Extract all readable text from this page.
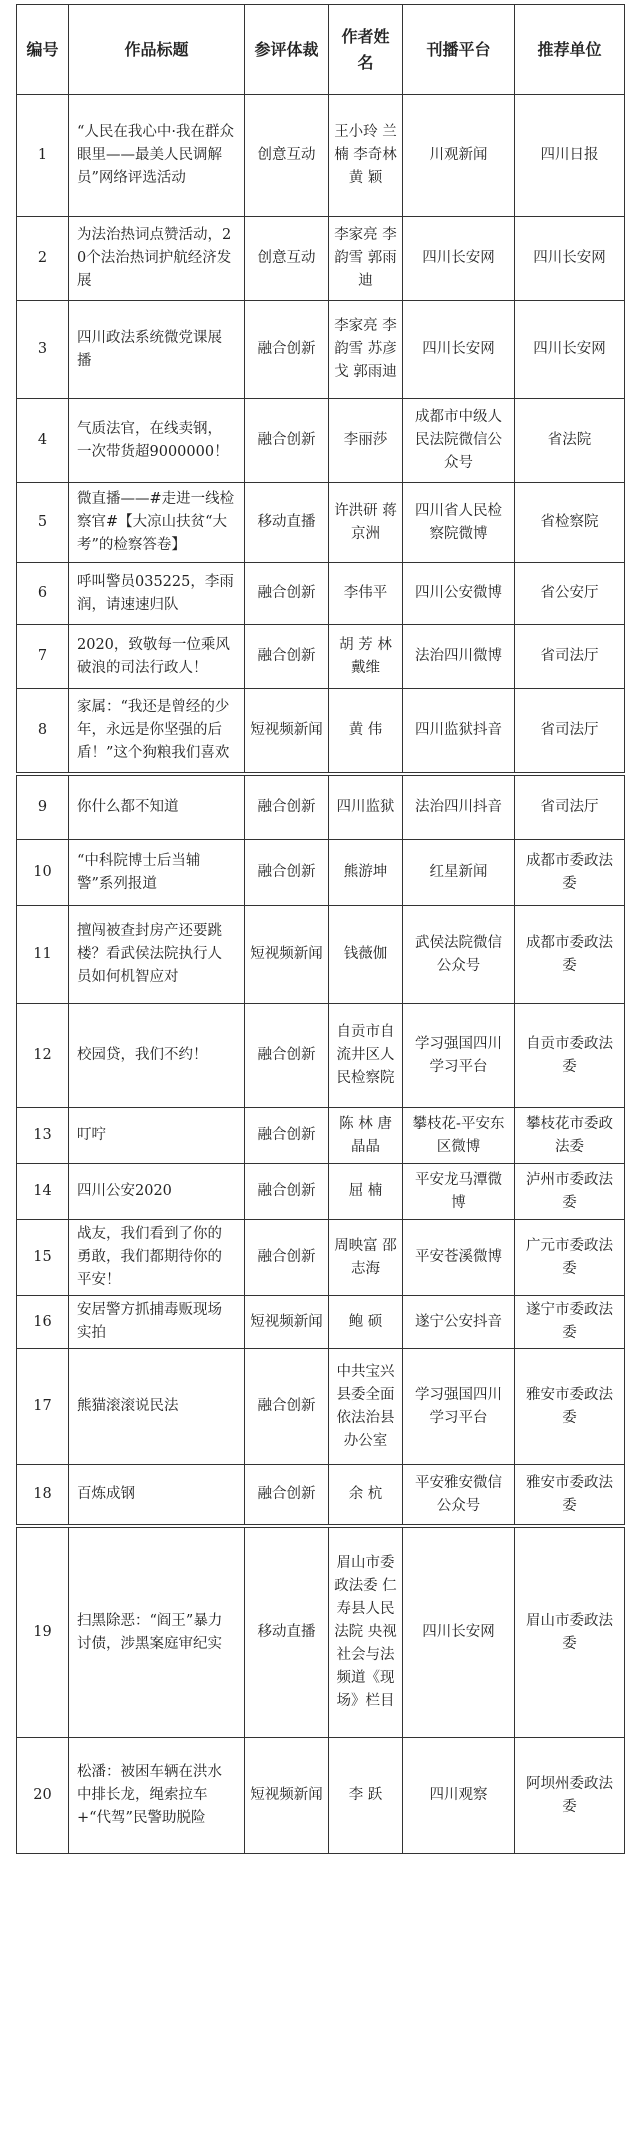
编号	作品标题	参评体裁	作者姓名	刊播平台	推荐单位
1	“人民在我心中·我在群众眼里——最美人民调解员”网络评选活动	创意互动	王小玲 兰 楠 李奇林 黄 颖	川观新闻	四川日报
2	为法治热词点赞活动，20个法治热词护航经济发展	创意互动	李家亮 李韵雪 郭雨迪	四川长安网	四川长安网
3	四川政法系统微党课展播	融合创新	李家亮 李韵雪 苏彦戈 郭雨迪	四川长安网	四川长安网
4	气质法官，在线卖钢，一次带货超9000000！	融合创新	李丽莎	成都市中级人民法院微信公众号	省法院
5	微直播——#走进一线检察官#【大凉山扶贫“大考”的检察答卷】	移动直播	许洪研 蒋京洲	四川省人民检察院微博	省检察院
6	呼叫警员035225，李雨润，请速速归队	融合创新	李伟平	四川公安微博	省公安厅
7	2020，致敬每一位乘风破浪的司法行政人！	融合创新	胡 芳 林戴维	法治四川微博	省司法厅
8	家属：“我还是曾经的少年，永远是你坚强的后盾！”这个狗粮我们喜欢	短视频新闻	黄 伟	四川监狱抖音	省司法厅

9	你什么都不知道	融合创新	四川监狱	法治四川抖音	省司法厅
10	“中科院博士后当辅警”系列报道	融合创新	熊游坤	红星新闻	成都市委政法委
11	擅闯被查封房产还要跳楼？看武侯法院执行人员如何机智应对	短视频新闻	钱薇伽	武侯法院微信公众号	成都市委政法委
12	校园贷，我们不约！	融合创新	自贡市自流井区人民检察院	学习强国四川学习平台	自贡市委政法委
13	叮咛	融合创新	陈 林 唐晶晶	攀枝花-平安东区微博	攀枝花市委政法委
14	四川公安2020	融合创新	屈 楠	平安龙马潭微博	泸州市委政法委
15	战友，我们看到了你的勇敢，我们都期待你的平安！	融合创新	周映富 邵志海	平安苍溪微博	广元市委政法委
16	安居警方抓捕毒贩现场实拍	短视频新闻	鲍 硕	遂宁公安抖音	遂宁市委政法委
17	熊猫滚滚说民法	融合创新	中共宝兴县委全面依法治县办公室	学习强国四川学习平台	雅安市委政法委
18	百炼成钢	融合创新	余 杭	平安雅安微信公众号	雅安市委政法委

19	扫黑除恶：“阎王”暴力讨债，涉黑案庭审纪实	移动直播	眉山市委政法委 仁寿县人民法院 央视社会与法频道《现场》栏目	四川长安网	眉山市委政法委
20	松潘：被困车辆在洪水中排长龙，绳索拉车+“代驾”民警助脱险	短视频新闻	李 跃	四川观察	阿坝州委政法委
